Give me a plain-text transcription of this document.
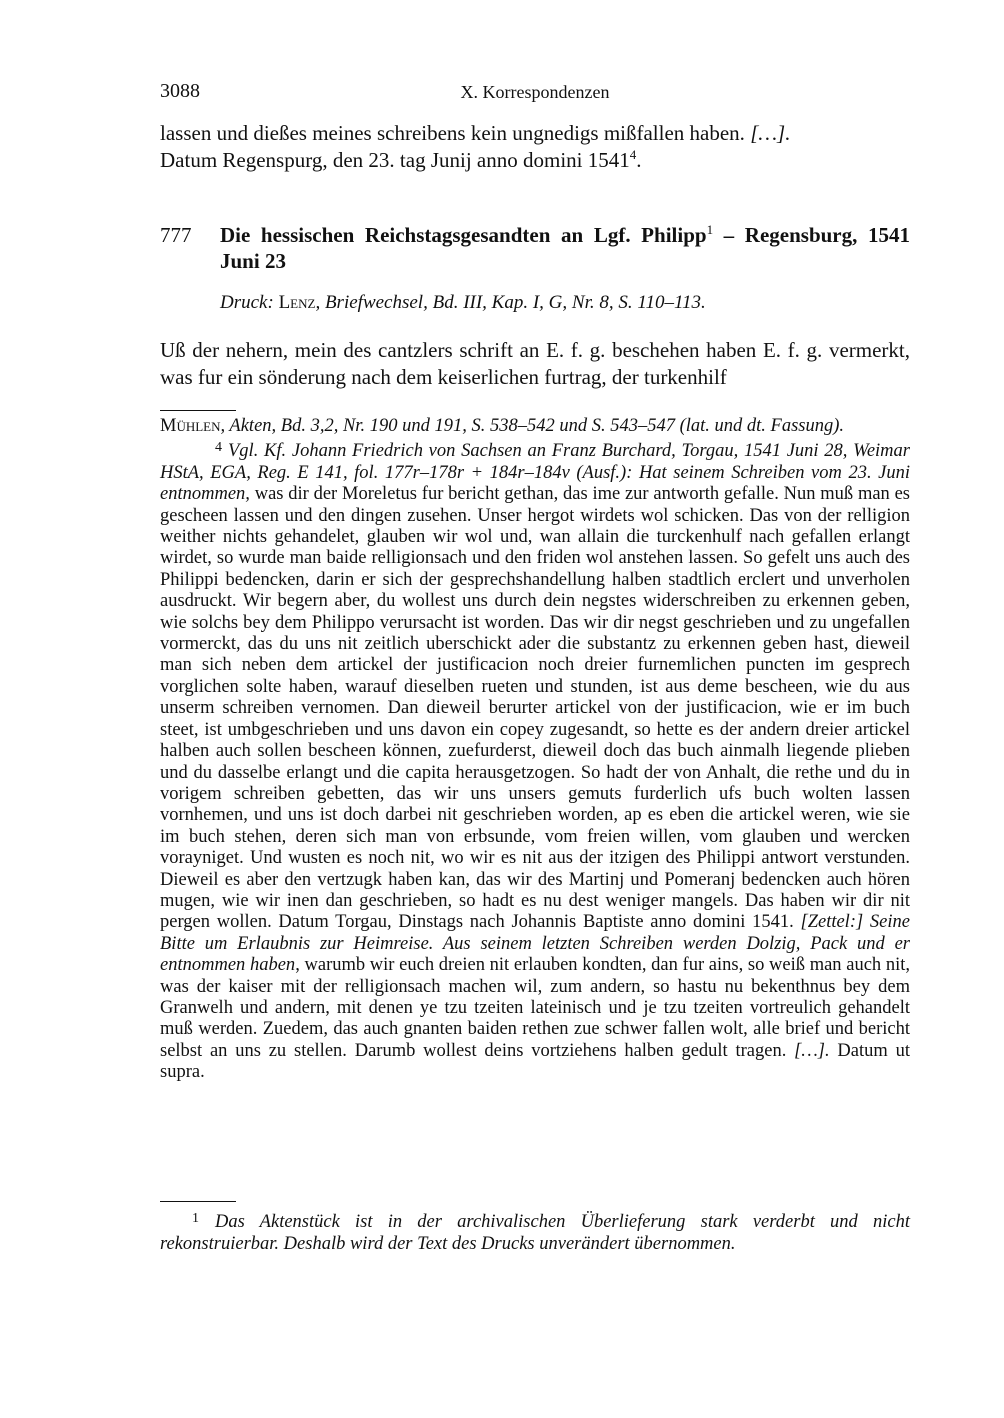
3088	X. Korrespondenzen

lassen und dießes meines schreibens kein ungnedigs mißfallen haben. […].
Datum Regenspurg, den 23. tag Junij anno domini 1541$^4$.

777 Die hessischen Reichstagsgesandten an Lgf. Philipp$^1$ – Regensburg, 1541 Juni 23
Druck: Lenz, Briefwechsel, Bd. III, Kap. I, G, Nr. 8, S. 110–113.

Uß der nehern, mein des cantzlers schrift an E. f. g. beschehen haben E. f. g. vermerkt, was fur ein sönderung nach dem keiserlichen furtrag, der turkenhilf

Mühlen, Akten, Bd. 3,2, Nr. 190 und 191, S. 538–542 und S. 543–547 (lat. und dt. Fassung).

$^4$ Vgl. Kf. Johann Friedrich von Sachsen an Franz Burchard, Torgau, 1541 Juni 28, Weimar HStA, EGA, Reg. E 141, fol. 177r–178r + 184r–184v (Ausf.): Hat seinem Schreiben vom 23. Juni entnommen, was dir der Moreletus fur bericht gethan, das ime zur antworth gefalle. Nun muß man es gescheen lassen und den dingen zusehen. Unser hergot wirdets wol schicken. Das von der relligion weither nichts gehandelet, glauben wir wol und, wan allain die turckenhulf nach gefallen erlangt wirdet, so wurde man baide relligionsach und den friden wol anstehen lassen. So gefelt uns auch des Philippi bedencken, darin er sich der gesprechshandellung halben stadtlich erclert und unverholen ausdruckt. Wir begern aber, du wollest uns durch dein negstes widerschreiben zu erkennen geben, wie solchs bey dem Philippo verursacht ist worden. Das wir dir negst geschrieben und zu ungefallen vormerckt, das du uns nit zeitlich uberschickt ader die substantz zu erkennen geben hast, dieweil man sich neben dem artickel der justificacion noch dreier furnemlichen puncten im gesprech vorglichen solte haben, warauf dieselben rueten und stunden, ist aus deme bescheen, wie du aus unserm schreiben vernomen. Dan dieweil berurter artickel von der justificacion, wie er im buch steet, ist umbgeschrieben und uns davon ein copey zugesandt, so hette es der andern dreier artickel halben auch sollen bescheen können, zuefurderst, dieweil doch das buch ainmalh liegende plieben und du dasselbe erlangt und die capita herausgetzogen. So hadt der von Anhalt, die rethe und du in vorigem schreiben gebetten, das wir uns unsers gemuts furderlich ufs buch wolten lassen vornhemen, und uns ist doch darbei nit geschrieben worden, ap es eben die artickel weren, wie sie im buch stehen, deren sich man von erbsunde, vom freien willen, vom glauben und wercken vorayniget. Und wusten es noch nit, wo wir es nit aus der itzigen des Philippi antwort verstunden. Dieweil es aber den vertzugk haben kan, das wir des Martinj und Pomeranj bedencken auch hören mugen, wie wir inen dan geschrieben, so hadt es nu dest weniger mangels. Das haben wir dir nit pergen wollen. Datum Torgau, Dinstags nach Johannis Baptiste anno domini 1541. [Zettel:] Seine Bitte um Erlaubnis zur Heimreise. Aus seinem letzten Schreiben werden Dolzig, Pack und er entnommen haben, warumb wir euch dreien nit erlauben kondten, dan fur ains, so weiß man auch nit, was der kaiser mit der relligionsach machen wil, zum andern, so hastu nu bekenthnus bey dem Granwelh und andern, mit denen ye tzu tzeiten lateinisch und je tzu tzeiten vortreulich gehandelt muß werden. Zuedem, das auch gnanten baiden rethen zue schwer fallen wolt, alle brief und bericht selbst an uns zu stellen. Darumb wollest deins vortziehens halben gedult tragen. […]. Datum ut supra.

$^1$ Das Aktenstück ist in der archivalischen Überlieferung stark verderbt und nicht rekonstruierbar. Deshalb wird der Text des Drucks unverändert übernommen.
